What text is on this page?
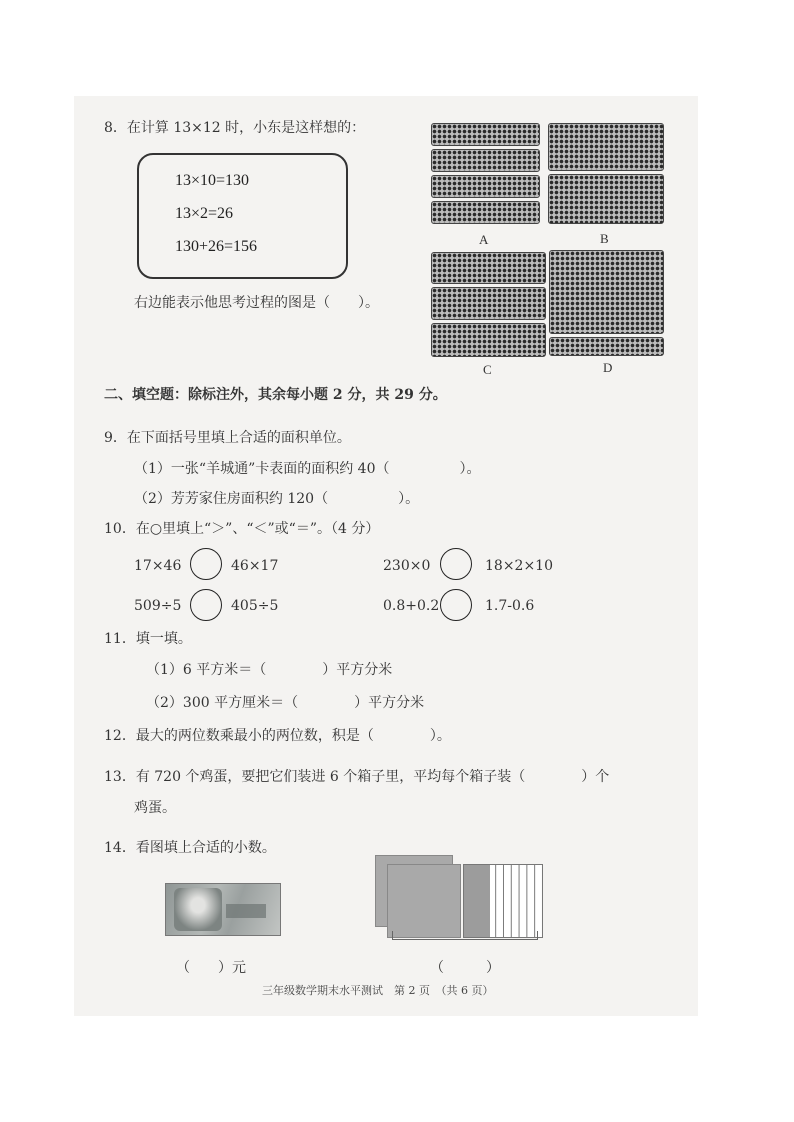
8．在计算 13×12 时，小东是这样想的：
13×10=130
13×2=26
130+26=156
右边能表示他思考过程的图是（　　）。
A	B
C	D
二、填空题：除标注外，其余每小题 2 分，共 29 分。
9．在下面括号里填上合适的面积单位。
（1）一张“羊城通”卡表面的面积约 40（　　　　　）。
（2）芳芳家住房面积约 120（　　　　　）。
10．在○里填上“＞”、“＜”或“＝”。（4 分）
17×46	46×17	230×0	18×2×10
509÷5	405÷5	0.8+0.2	1.7-0.6
11．填一填。
（1）6 平方米＝（　　　　）平方分米
（2）300 平方厘米＝（　　　　）平方分米
12．最大的两位数乘最小的两位数，积是（　　　　）。
13．有 720 个鸡蛋，要把它们装进 6 个箱子里，平均每个箱子装（　　　　）个
鸡蛋。
14．看图填上合适的小数。
（　　）元	（　　　）
三年级数学期末水平测试　第 2 页　（共 6 页）
